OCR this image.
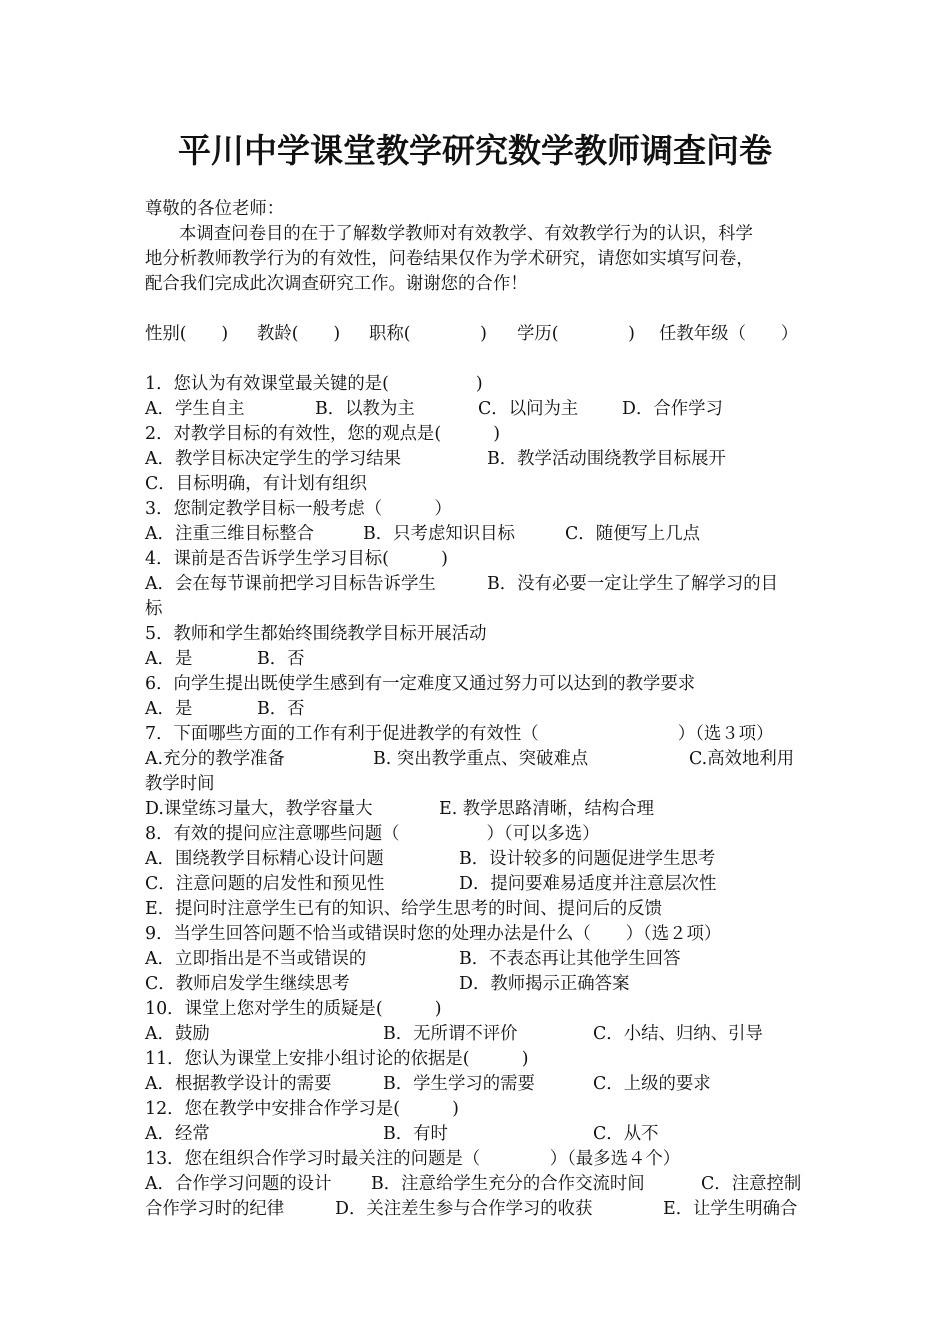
平川中学课堂教学研究数学教师调查问卷
尊敬的各位老师：
本调查问卷目的在于了解数学教师对有效教学、有效教学行为的认识，科学
地分析教师教学行为的有效性，问卷结果仅作为学术研究，请您如实填写问卷，
配合我们完成此次调查研究工作。谢谢您的合作！
性别(　　) 教龄(　　) 职称(　　　　) 学历(　　　　) 任教年级（　　）
1．您认为有效课堂最关键的是(　　　　　)
A．学生自主	B．以教为主	C．以问为主	D．合作学习
2．对教学目标的有效性，您的观点是(　　　)
A．教学目标决定学生的学习结果	B．教学活动围绕教学目标展开
C．目标明确，有计划有组织
3．您制定教学目标一般考虑（　　　）
A．注重三维目标整合	B．只考虑知识目标	C．随便写上几点
4．课前是否告诉学生学习目标(　　　)
A．会在每节课前把学习目标告诉学生	B．没有必要一定让学生了解学习的目
标
5．教师和学生都始终围绕教学目标开展活动
A．是	B．否
6．向学生提出既使学生感到有一定难度又通过努力可以达到的教学要求
A．是	B．否
7．下面哪些方面的工作有利于促进教学的有效性（　　　　　　　　）（选３项）
A.充分的教学准备	B. 突出教学重点、突破难点	C.高效地利用
教学时间
D.课堂练习量大，教学容量大	E. 教学思路清晰，结构合理
8．有效的提问应注意哪些问题（　　　　　）（可以多选）
A．围绕教学目标精心设计问题	B．设计较多的问题促进学生思考
C．注意问题的启发性和预见性	D．提问要难易适度并注意层次性
E．提问时注意学生已有的知识、给学生思考的时间、提问后的反馈
9．当学生回答问题不恰当或错误时您的处理办法是什么（　　）（选２项）
A．立即指出是不当或错误的	B．不表态再让其他学生回答
C．教师启发学生继续思考	D．教师揭示正确答案
10．课堂上您对学生的质疑是(　　　)
A．鼓励	B．无所谓不评价	C．小结、归纳、引导
11．您认为课堂上安排小组讨论的依据是(　　　)
A．根据教学设计的需要	B．学生学习的需要	C．上级的要求
12．您在教学中安排合作学习是(　　　)
A．经常	B．有时	C．从不
13．您在组织合作学习时最关注的问题是（　　　　）（最多选４个）
A．合作学习问题的设计 B．注意给学生充分的合作交流时间	C．注意控制
合作学习时的纪律	D．关注差生参与合作学习的收获	E．让学生明确合
